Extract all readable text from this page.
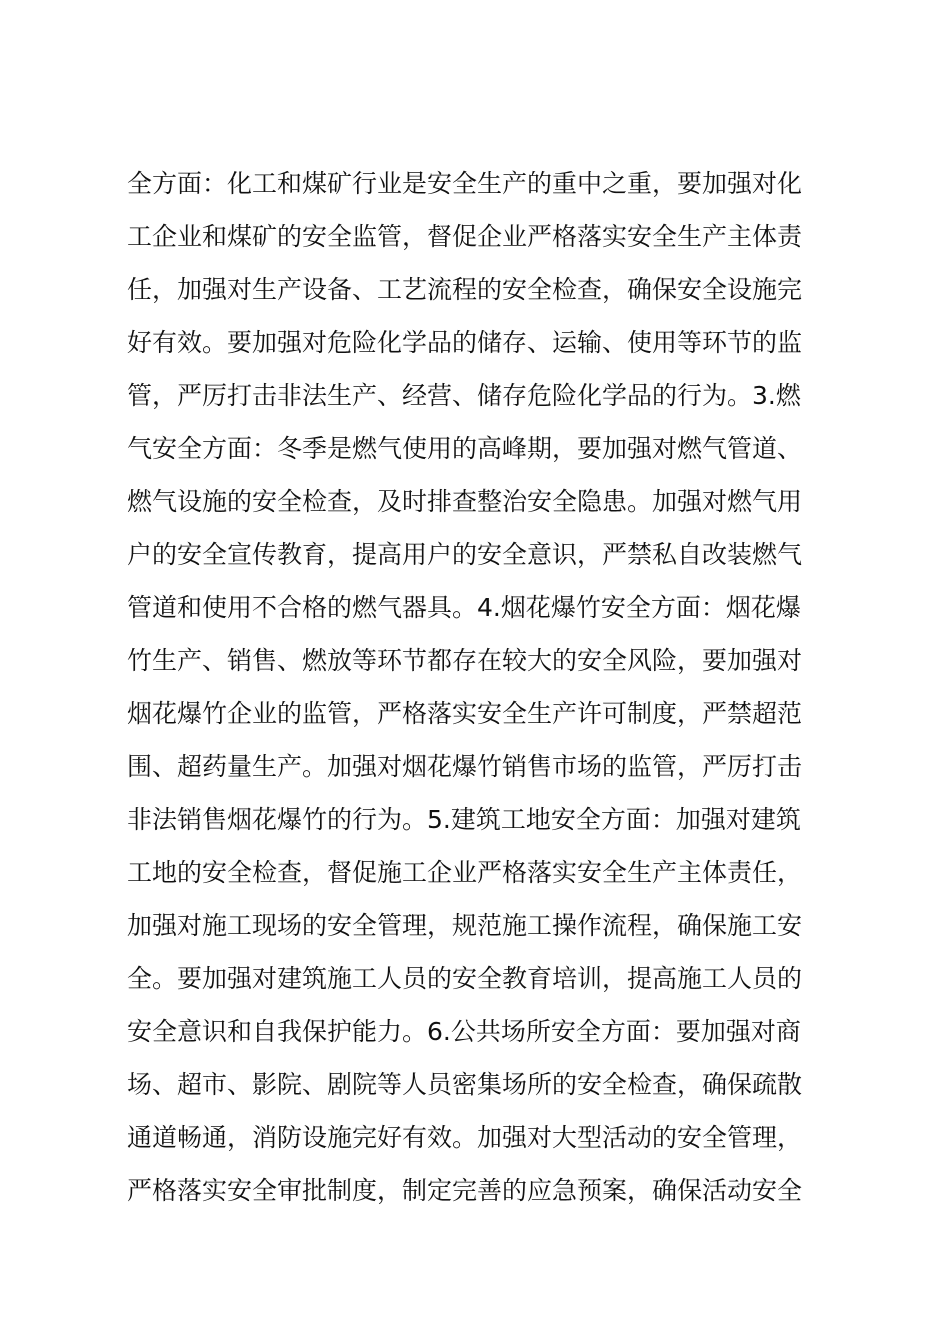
全方面：化工和煤矿行业是安全生产的重中之重，要加强对化
工企业和煤矿的安全监管，督促企业严格落实安全生产主体责
任，加强对生产设备、工艺流程的安全检查，确保安全设施完
好有效。要加强对危险化学品的储存、运输、使用等环节的监
管，严厉打击非法生产、经营、储存危险化学品的行为。3.燃
气安全方面：冬季是燃气使用的高峰期，要加强对燃气管道、
燃气设施的安全检查，及时排查整治安全隐患。加强对燃气用
户的安全宣传教育，提高用户的安全意识，严禁私自改装燃气
管道和使用不合格的燃气器具。4.烟花爆竹安全方面：烟花爆
竹生产、销售、燃放等环节都存在较大的安全风险，要加强对
烟花爆竹企业的监管，严格落实安全生产许可制度，严禁超范
围、超药量生产。加强对烟花爆竹销售市场的监管，严厉打击
非法销售烟花爆竹的行为。5.建筑工地安全方面：加强对建筑
工地的安全检查，督促施工企业严格落实安全生产主体责任，
加强对施工现场的安全管理，规范施工操作流程，确保施工安
全。要加强对建筑施工人员的安全教育培训，提高施工人员的
安全意识和自我保护能力。6.公共场所安全方面：要加强对商
场、超市、影院、剧院等人员密集场所的安全检查，确保疏散
通道畅通，消防设施完好有效。加强对大型活动的安全管理，
严格落实安全审批制度，制定完善的应急预案，确保活动安全
